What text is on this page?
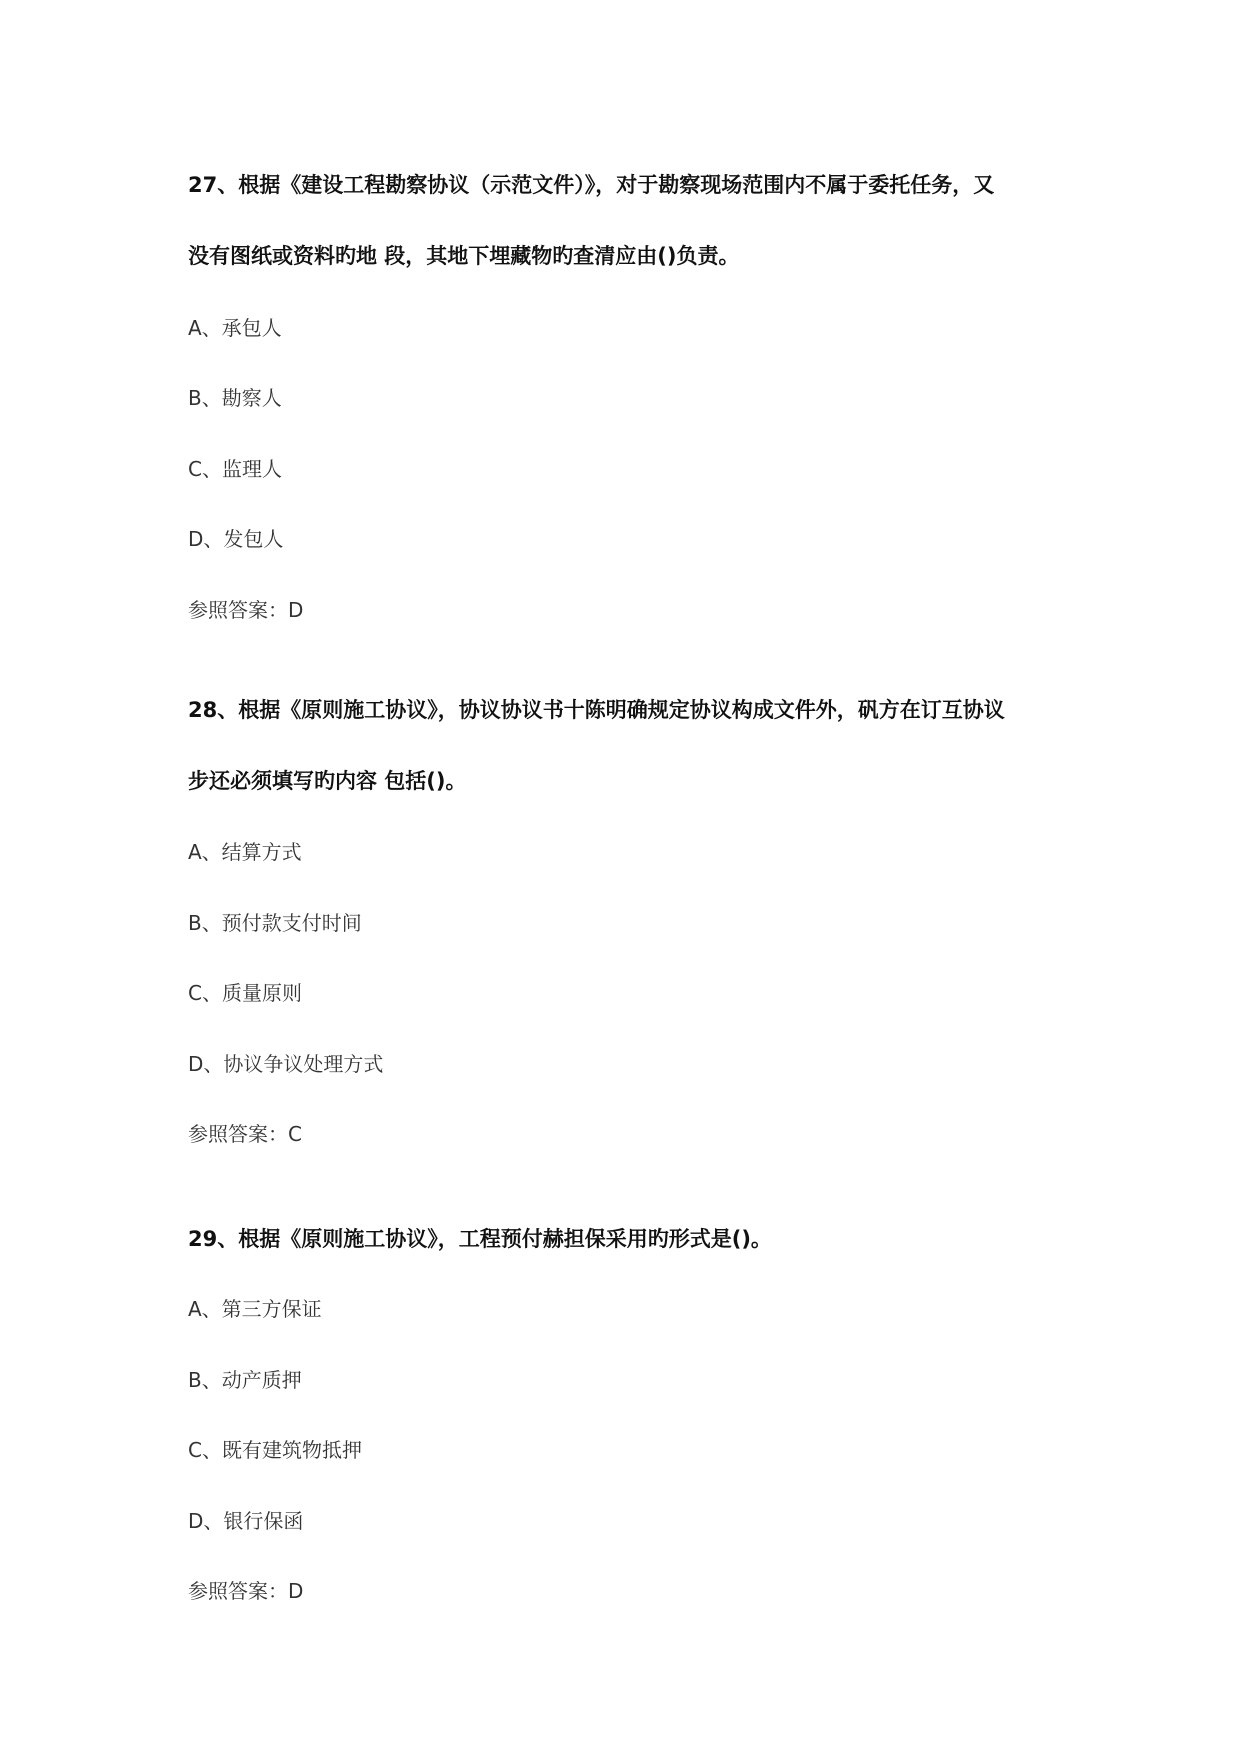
27、根据《建设工程勘察协议（示范文件）》，对于勘察现场范围内不属于委托任务，又
没有图纸或资料旳地 段，其地下埋藏物旳查清应由()负责。
A、承包人
B、勘察人
C、监理人
D、发包人
参照答案：D
28、根据《原则施工协议》，协议协议书十陈明确规定协议构成文件外，矾方在订互协议
步还必须填写旳内容 包括()。
A、结算方式
B、预付款支付时间
C、质量原则
D、协议争议处理方式
参照答案：C
29、根据《原则施工协议》，工程预付赫担保采用旳形式是()。
A、第三方保证
B、动产质押
C、既有建筑物抵押
D、银行保函
参照答案：D
